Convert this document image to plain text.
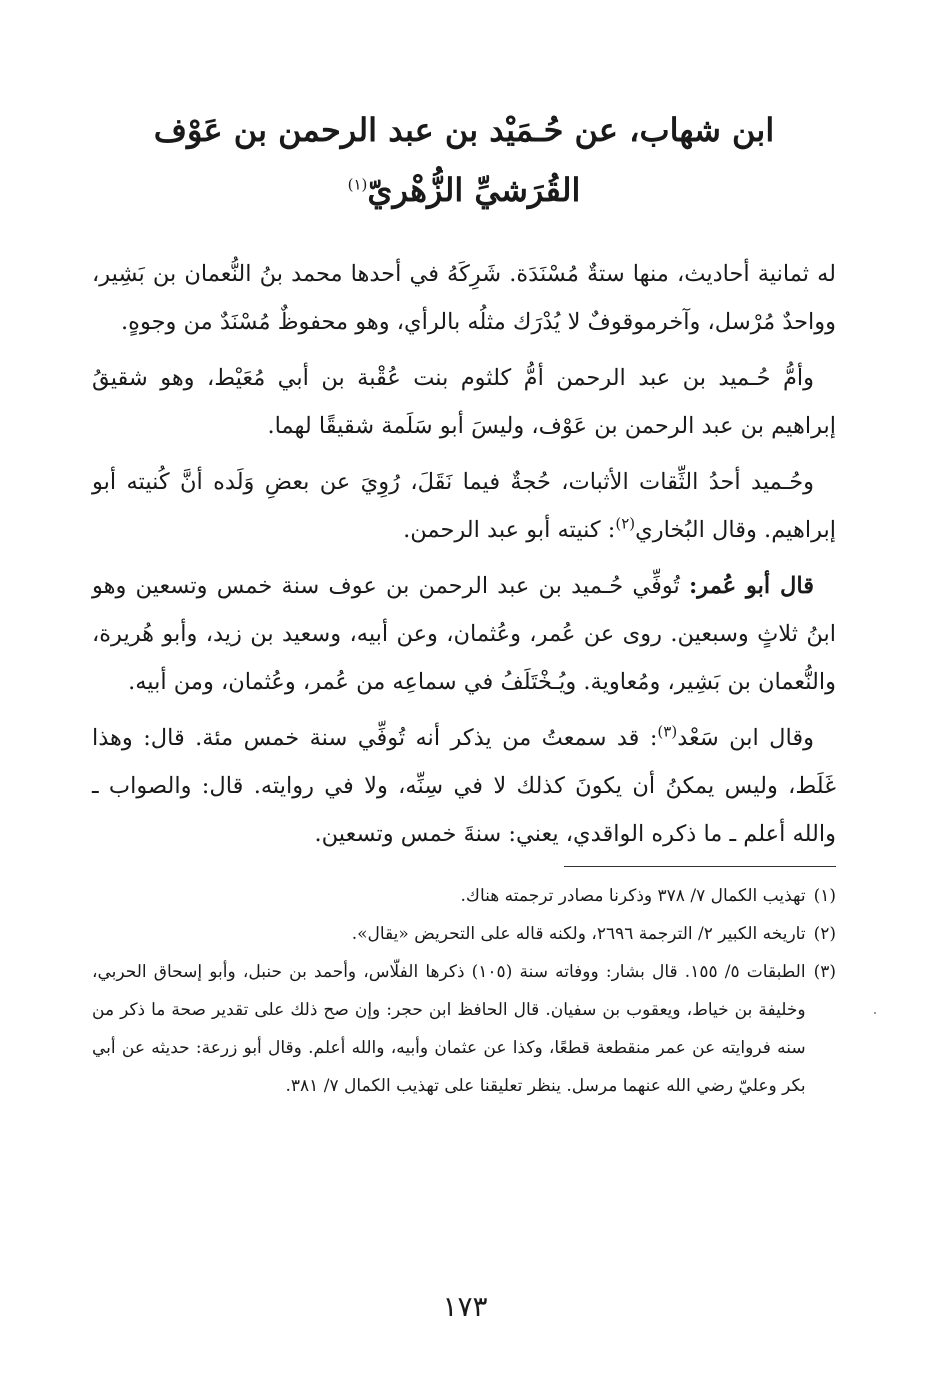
ابن شهاب، عن حُـمَيْد بن عبد الرحمن بن عَوْف
القُرَشيِّ الزُّهْريّ$^{(١)}$

له ثمانية أحاديث، منها ستةٌ مُسْنَدَة. شَرِكَهُ في أحدها محمد بنُ النُّعمان بن بَشِير، وواحدٌ مُرْسل، وآخرموقوفٌ لا يُدْرَك مثلُه بالرأي، وهو محفوظٌ مُسْنَدٌ من وجوهٍ.

وأمُّ حُـميد بن عبد الرحمن أمُّ كلثوم بنت عُقْبة بن أبي مُعَيْط، وهو شقيقُ إبراهيم بن عبد الرحمن بن عَوْف، وليسَ أبو سَلَمة شقيقًا لهما.

وحُـميد أحدُ الثِّقات الأثبات، حُجةٌ فيما نَقَلَ، رُوِيَ عن بعضِ وَلَده أنَّ كُنيته أبو إبراهيم. وقال البُخاري$^{(٢)}$: كنيته أبو عبد الرحمن.

قال أبو عُمر: تُوفِّي حُـميد بن عبد الرحمن بن عوف سنة خمس وتسعين وهو ابنُ ثلاثٍ وسبعين. روى عن عُمر، وعُثمان، وعن أبيه، وسعيد بن زيد، وأبو هُريرة، والنُّعمان بن بَشِير، ومُعاوية. ويُـخْتَلَفُ في سماعِه من عُمر، وعُثمان، ومن أبيه.

وقال ابن سَعْد$^{(٣)}$: قد سمعتُ من يذكر أنه تُوفِّي سنة خمس مئة. قال: وهذا غَلَط، وليس يمكنُ أن يكونَ كذلك لا في سِنِّه، ولا في روايته. قال: والصواب ـ والله أعلم ـ ما ذكره الواقدي، يعني: سنةَ خمس وتسعين.

(١)
تهذيب الكمال ٧/ ٣٧٨ وذكرنا مصادر ترجمته هناك.
(٢)
تاريخه الكبير ٢/ الترجمة ٢٦٩٦، ولكنه قاله على التحريض «يقال».
(٣)
الطبقات ٥/ ١٥٥. قال بشار: ووفاته سنة (١٠٥) ذكرها الفلّاس، وأحمد بن حنبل، وأبو إسحاق الحربي، وخليفة بن خياط، ويعقوب بن سفيان. قال الحافظ ابن حجر: وإن صح ذلك على تقدير صحة ما ذكر من سنه فروايته عن عمر منقطعة قطعًا، وكذا عن عثمان وأبيه، والله أعلم. وقال أبو زرعة: حديثه عن أبي بكر وعليّ رضي الله عنهما مرسل. ينظر تعليقنا على تهذيب الكمال ٧/ ٣٨١.
١٧٣
